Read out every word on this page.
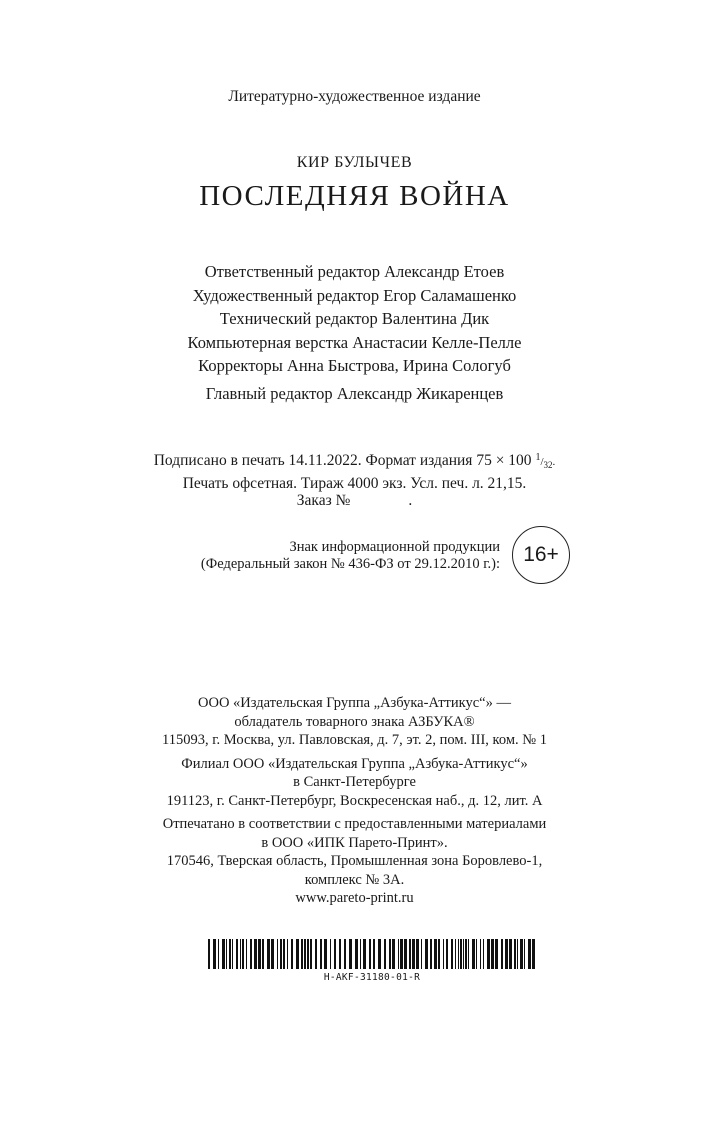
Литературно-художественное издание
КИР БУЛЫЧЕВ
ПОСЛЕДНЯЯ ВОЙНА
Ответственный редактор Александр Етоев
Художественный редактор Егор Саламашенко
Технический редактор Валентина Дик
Компьютерная верстка Анастасии Келле-Пелле
Корректоры Анна Быстрова, Ирина Сологуб
Главный редактор Александр Жикаренцев
Подписано в печать 14.11.2022. Формат издания 75 × 100 $^1/_{32}$.
Печать офсетная. Тираж 4000 экз. Усл. печ. л. 21,15.
Заказ №	.
Знак информационной продукции
(Федеральный закон № 436-ФЗ от 29.12.2010 г.):	16+
ООО «Издательская Группа „Азбука-Аттикус“» —
обладатель товарного знака АЗБУКА®
115093, г. Москва, ул. Павловская, д. 7, эт. 2, пом. III, ком. № 1
Филиал ООО «Издательская Группа „Азбука-Аттикус“»
в Санкт-Петербурге
191123, г. Санкт-Петербург, Воскресенская наб., д. 12, лит. А
Отпечатано в соответствии с предоставленными материалами
в ООО «ИПК Парето-Принт».
170546, Тверская область, Промышленная зона Боровлево-1,
комплекс № 3А.
www.pareto-print.ru
H-AKF-31180-01-R
